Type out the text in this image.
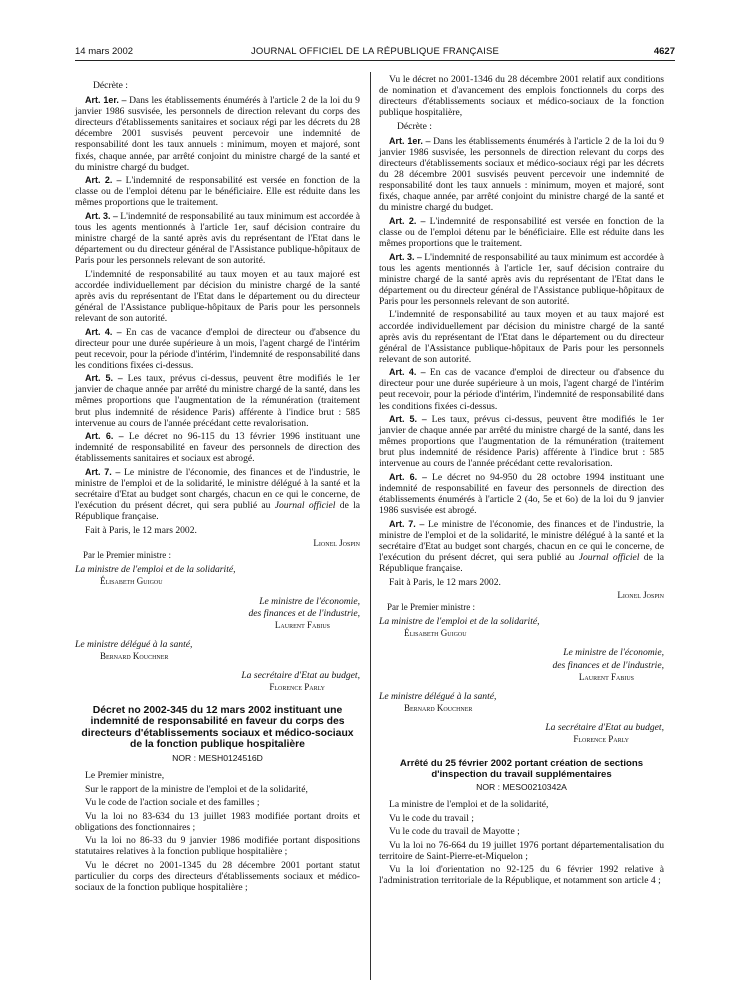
14 mars 2002	JOURNAL OFFICIEL DE LA RÉPUBLIQUE FRANÇAISE	4627

Décrète :

Art. 1er. – Dans les établissements énumérés à l'article 2 de la loi du 9 janvier 1986 susvisée, les personnels de direction relevant du corps des directeurs d'établissements sanitaires et sociaux régi par les décrets du 28 décembre 2001 susvisés peuvent percevoir une indemnité de responsabilité dont les taux annuels : minimum, moyen et majoré, sont fixés, chaque année, par arrêté conjoint du ministre chargé de la santé et du ministre chargé du budget.

Art. 2. – L'indemnité de responsabilité est versée en fonction de la classe ou de l'emploi détenu par le bénéficiaire. Elle est réduite dans les mêmes proportions que le traitement.

Art. 3. – L'indemnité de responsabilité au taux minimum est accordée à tous les agents mentionnés à l'article 1er, sauf décision contraire du ministre chargé de la santé après avis du représentant de l'Etat dans le département ou du directeur général de l'Assistance publique-hôpitaux de Paris pour les personnels relevant de son autorité.

L'indemnité de responsabilité au taux moyen et au taux majoré est accordée individuellement par décision du ministre chargé de la santé après avis du représentant de l'Etat dans le département ou du directeur général de l'Assistance publique-hôpitaux de Paris pour les personnels relevant de son autorité.

Art. 4. – En cas de vacance d'emploi de directeur ou d'absence du directeur pour une durée supérieure à un mois, l'agent chargé de l'intérim peut recevoir, pour la période d'intérim, l'indemnité de responsabilité dans les conditions fixées ci-dessus.

Art. 5. – Les taux, prévus ci-dessus, peuvent être modifiés le 1er janvier de chaque année par arrêté du ministre chargé de la santé, dans les mêmes proportions que l'augmentation de la rémunération (traitement brut plus indemnité de résidence Paris) afférente à l'indice brut : 585 intervenue au cours de l'année précédant cette revalorisation.

Art. 6. – Le décret no 96-115 du 13 février 1996 instituant une indemnité de responsabilité en faveur des personnels de direction des établissements sanitaires et sociaux est abrogé.

Art. 7. – Le ministre de l'économie, des finances et de l'industrie, le ministre de l'emploi et de la solidarité, le ministre délégué à la santé et la secrétaire d'Etat au budget sont chargés, chacun en ce qui le concerne, de l'exécution du présent décret, qui sera publié au Journal officiel de la République française.

Fait à Paris, le 12 mars 2002.

Lionel Jospin
Par le Premier ministre :
La ministre de l'emploi et de la solidarité,
Élisabeth Guigou
Le ministre de l'économie,
des finances et de l'industrie,
Laurent Fabius
Le ministre délégué à la santé,
Bernard Kouchner
La secrétaire d'Etat au budget,
Florence Parly
Décret no 2002-345 du 12 mars 2002 instituant une indemnité de responsabilité en faveur du corps des directeurs d'établissements sociaux et médico-sociaux de la fonction publique hospitalière
NOR : MESH0124516D

Le Premier ministre,

Sur le rapport de la ministre de l'emploi et de la solidarité,

Vu le code de l'action sociale et des familles ;

Vu la loi no 83-634 du 13 juillet 1983 modifiée portant droits et obligations des fonctionnaires ;

Vu la loi no 86-33 du 9 janvier 1986 modifiée portant dispositions statutaires relatives à la fonction publique hospitalière ;

Vu le décret no 2001-1345 du 28 décembre 2001 portant statut particulier du corps des directeurs d'établissements sociaux et médico-sociaux de la fonction publique hospitalière ;

Vu le décret no 2001-1346 du 28 décembre 2001 relatif aux conditions de nomination et d'avancement des emplois fonctionnels du corps des directeurs d'établissements sociaux et médico-sociaux de la fonction publique hospitalière,

Décrète :

Art. 1er. – Dans les établissements énumérés à l'article 2 de la loi du 9 janvier 1986 susvisée, les personnels de direction relevant du corps des directeurs d'établissements sociaux et médico-sociaux régi par les décrets du 28 décembre 2001 susvisés peuvent percevoir une indemnité de responsabilité dont les taux annuels : minimum, moyen et majoré, sont fixés, chaque année, par arrêté conjoint du ministre chargé de la santé et du ministre chargé du budget.

Art. 2. – L'indemnité de responsabilité est versée en fonction de la classe ou de l'emploi détenu par le bénéficiaire. Elle est réduite dans les mêmes proportions que le traitement.

Art. 3. – L'indemnité de responsabilité au taux minimum est accordée à tous les agents mentionnés à l'article 1er, sauf décision contraire du ministre chargé de la santé après avis du représentant de l'Etat dans le département ou du directeur général de l'Assistance publique-hôpitaux de Paris pour les personnels relevant de son autorité.

L'indemnité de responsabilité au taux moyen et au taux majoré est accordée individuellement par décision du ministre chargé de la santé après avis du représentant de l'Etat dans le département ou du directeur général de l'Assistance publique-hôpitaux de Paris pour les personnels relevant de son autorité.

Art. 4. – En cas de vacance d'emploi de directeur ou d'absence du directeur pour une durée supérieure à un mois, l'agent chargé de l'intérim peut recevoir, pour la période d'intérim, l'indemnité de responsabilité dans les conditions fixées ci-dessus.

Art. 5. – Les taux, prévus ci-dessus, peuvent être modifiés le 1er janvier de chaque année par arrêté du ministre chargé de la santé, dans les mêmes proportions que l'augmentation de la rémunération (traitement brut plus indemnité de résidence Paris) afférente à l'indice brut : 585 intervenue au cours de l'année précédant cette revalorisation.

Art. 6. – Le décret no 94-950 du 28 octobre 1994 instituant une indemnité de responsabilité en faveur des personnels de direction des établissements énumérés à l'article 2 (4o, 5e et 6o) de la loi du 9 janvier 1986 susvisée est abrogé.

Art. 7. – Le ministre de l'économie, des finances et de l'industrie, la ministre de l'emploi et de la solidarité, le ministre délégué à la santé et la secrétaire d'Etat au budget sont chargés, chacun en ce qui le concerne, de l'exécution du présent décret, qui sera publié au Journal officiel de la République française.

Fait à Paris, le 12 mars 2002.

Lionel Jospin
Par le Premier ministre :
La ministre de l'emploi et de la solidarité,
Élisabeth Guigou
Le ministre de l'économie,
des finances et de l'industrie,
Laurent Fabius
Le ministre délégué à la santé,
Bernard Kouchner
La secrétaire d'Etat au budget,
Florence Parly
Arrêté du 25 février 2002 portant création de sections d'inspection du travail supplémentaires
NOR : MESO0210342A

La ministre de l'emploi et de la solidarité,

Vu le code du travail ;

Vu le code du travail de Mayotte ;

Vu la loi no 76-664 du 19 juillet 1976 portant départementalisation du territoire de Saint-Pierre-et-Miquelon ;

Vu la loi d'orientation no 92-125 du 6 février 1992 relative à l'administration territoriale de la République, et notamment son article 4 ;
